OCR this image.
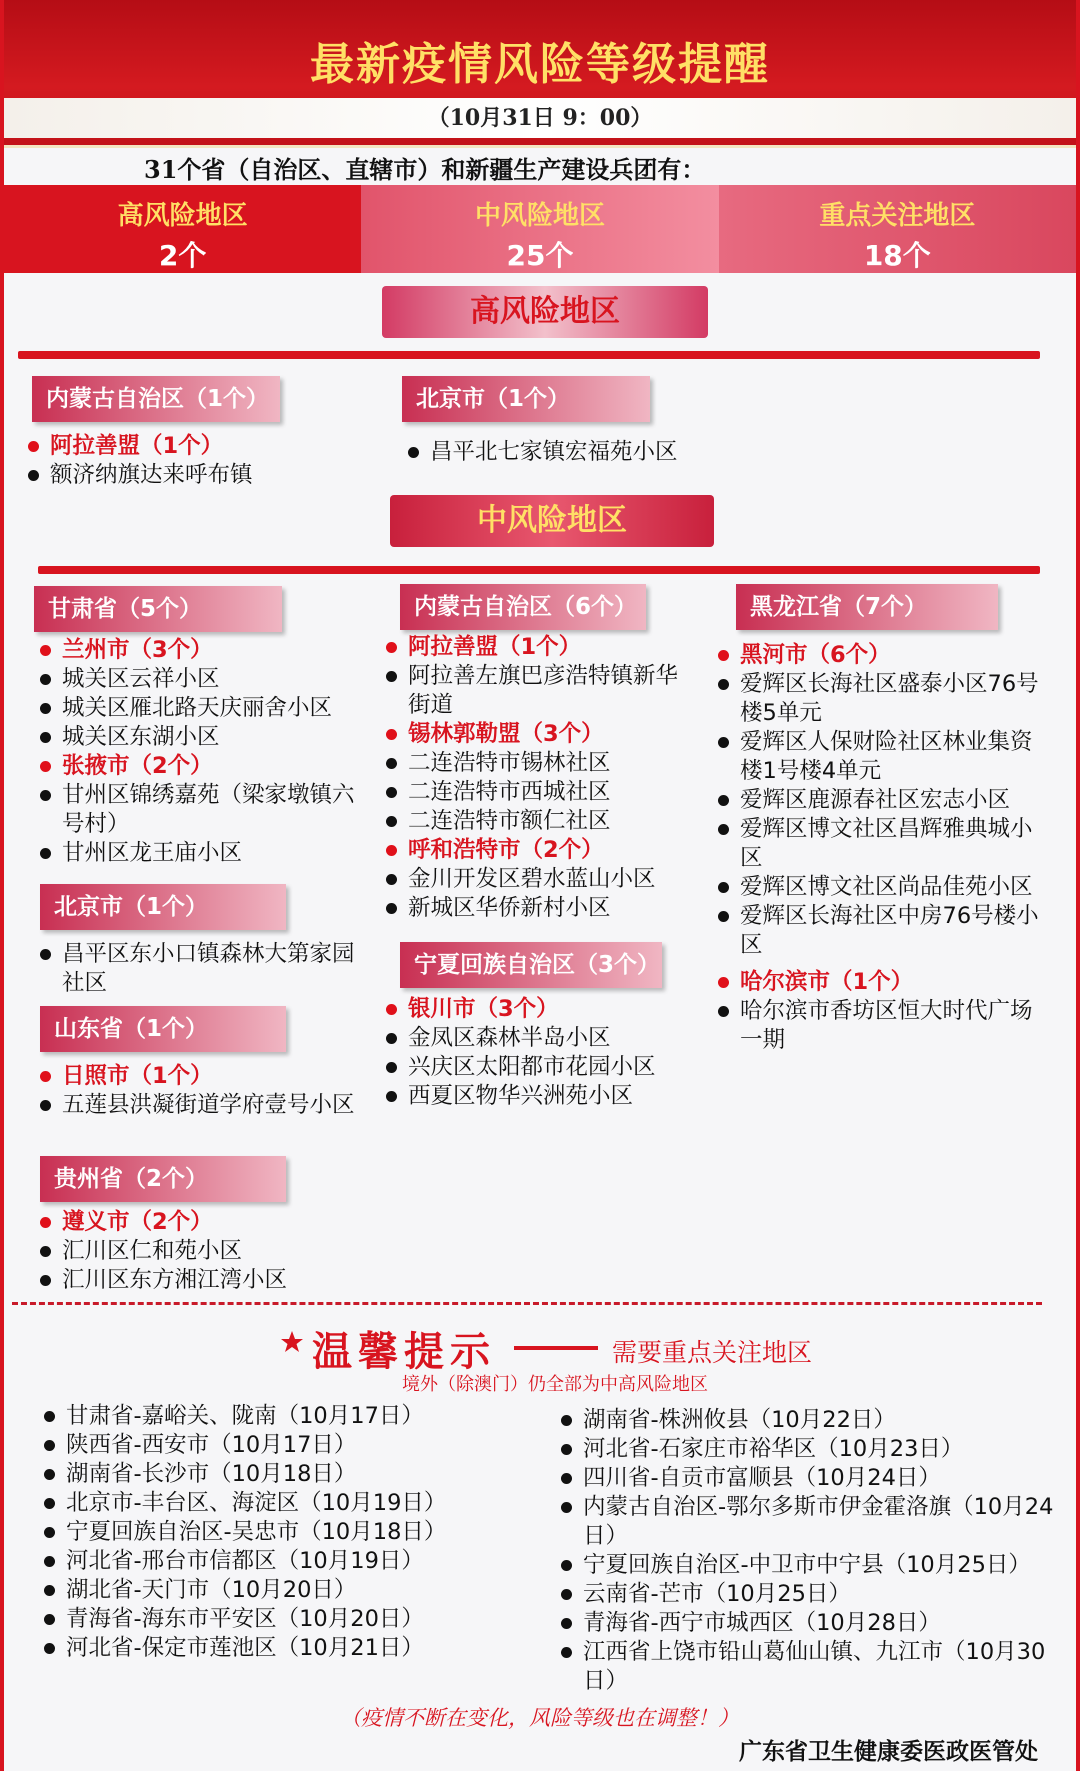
最新疫情风险等级提醒
（10月31日 9：00）
31个省（自治区、直辖市）和新疆生产建设兵团有：
高风险地区
2个
中风险地区
25个
重点关注地区
18个
高风险地区
内蒙古自治区（1个）
阿拉善盟（1个）
额济纳旗达来呼布镇
北京市（1个）
昌平北七家镇宏福苑小区
中风险地区
甘肃省（5个）
兰州市（3个）
城关区云祥小区
城关区雁北路天庆丽舍小区
城关区东湖小区
张掖市（2个）
甘州区锦绣嘉苑（梁家墩镇六号村）
甘州区龙王庙小区
北京市（1个）
昌平区东小口镇森林大第家园社区
山东省（1个）
日照市（1个）
五莲县洪凝街道学府壹号小区
贵州省（2个）
遵义市（2个）
汇川区仁和苑小区
汇川区东方湘江湾小区
内蒙古自治区（6个）
阿拉善盟（1个）
阿拉善左旗巴彦浩特镇新华街道
锡林郭勒盟（3个）
二连浩特市锡林社区
二连浩特市西城社区
二连浩特市额仁社区
呼和浩特市（2个）
金川开发区碧水蓝山小区
新城区华侨新村小区
宁夏回族自治区（3个）
银川市（3个）
金凤区森林半岛小区
兴庆区太阳都市花园小区
西夏区物华兴洲苑小区
黑龙江省（7个）
黑河市（6个）
爱辉区长海社区盛泰小区76号楼5单元
爱辉区人保财险社区林业集资楼1号楼4单元
爱辉区鹿源春社区宏志小区
爱辉区博文社区昌辉雅典城小区
爱辉区博文社区尚品佳苑小区
爱辉区长海社区中房76号楼小区
哈尔滨市（1个）
哈尔滨市香坊区恒大时代广场一期
温馨提示	需要重点关注地区
境外（除澳门）仍全部为中高风险地区
甘肃省-嘉峪关、陇南（10月17日）
陕西省-西安市（10月17日）
湖南省-长沙市（10月18日）
北京市-丰台区、海淀区（10月19日）
宁夏回族自治区-吴忠市（10月18日）
河北省-邢台市信都区（10月19日）
湖北省-天门市（10月20日）
青海省-海东市平安区（10月20日）
河北省-保定市莲池区（10月21日）
湖南省-株洲攸县（10月22日）
河北省-石家庄市裕华区（10月23日）
四川省-自贡市富顺县（10月24日）
内蒙古自治区-鄂尔多斯市伊金霍洛旗（10月24日）
宁夏回族自治区-中卫市中宁县（10月25日）
云南省-芒市（10月25日）
青海省-西宁市城西区（10月28日）
江西省上饶市铅山葛仙山镇、九江市（10月30日）
（疫情不断在变化，风险等级也在调整！）
广东省卫生健康委医政医管处
